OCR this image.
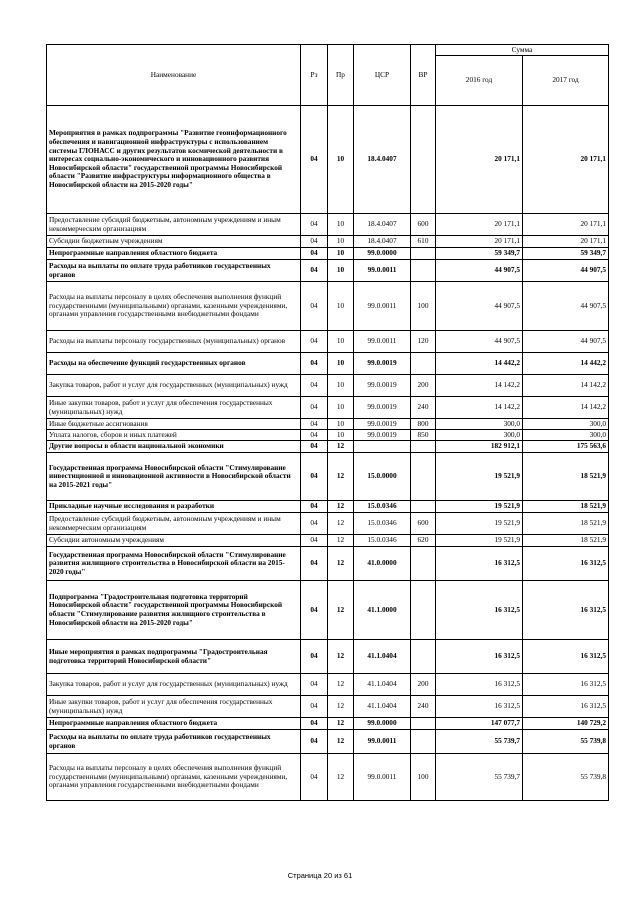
Наименование	Рз	Пр	ЦСР	ВР	Сумма	
					2016 год	2017 год
Мероприятия в рамках подпрограммы "Развитие геоинформационного обеспечения и навигационной инфраструктуры с использованием системы ГЛОНАСС и других результатов космической деятельности в интересах социально-экономического и инновационного развития Новосибирской области" государственной программы Новосибирской области "Развитие инфраструктуры информационного общества в Новосибирской области на 2015-2020 годы"	04	10	18.4.0407		20 171,1	20 171,1
Предоставление субсидий бюджетным, автономным учреждениям и иным некоммерческим организациям	04	10	18.4.0407	600	20 171,1	20 171,1
Субсидии бюджетным учреждениям	04	10	18.4.0407	610	20 171,1	20 171,1
Непрограммные направления областного бюджета	04	10	99.0.0000		59 349,7	59 349,7
Расходы на выплаты по оплате труда работников государственных органов	04	10	99.0.0011		44 907,5	44 907,5
Расходы на выплаты персоналу в целях обеспечения выполнения функций государственными (муниципальными) органами, казенными учреждениями, органами управления государственными внебюджетными фондами	04	10	99.0.0011	100	44 907,5	44 907,5
Расходы на выплаты персоналу государственных (муниципальных) органов	04	10	99.0.0011	120	44 907,5	44 907,5
Расходы на обеспечение функций государственных органов	04	10	99.0.0019		14 442,2	14 442,2
Закупка товаров, работ и услуг для государственных (муниципальных) нужд	04	10	99.0.0019	200	14 142,2	14 142,2
Иные закупки товаров, работ и услуг для обеспечения государственных (муниципальных) нужд	04	10	99.0.0019	240	14 142,2	14 142,2
Иные бюджетные ассигнования	04	10	99.0.0019	800	300,0	300,0
Уплата налогов, сборов и иных платежей	04	10	99.0.0019	850	300,0	300,0
Другие вопросы в области национальной экономики	04	12			182 912,1	175 563,6
Государственная программа Новосибирской области "Стимулирование инвестиционной и инновационной активности в Новосибирской области на 2015-2021 годы"	04	12	15.0.0000		19 521,9	18 521,9
Прикладные научные исследования и разработки	04	12	15.0.0346		19 521,9	18 521,9
Предоставление субсидий бюджетным, автономным учреждениям и иным некоммерческим организациям	04	12	15.0.0346	600	19 521,9	18 521,9
Субсидии автономным учреждениям	04	12	15.0.0346	620	19 521,9	18 521,9
Государственная программа Новосибирской области "Стимулирование развития жилищного строительства в Новосибирской области на 2015-2020 годы"	04	12	41.0.0000		16 312,5	16 312,5
Подпрограмма "Градостроительная подготовка территорий Новосибирской области" государственной программы Новосибирской области "Стимулирование развития жилищного строительства в Новосибирской области на 2015-2020 годы"	04	12	41.1.0000		16 312,5	16 312,5
Иные мероприятия в рамках подпрограммы "Градостроительная подготовка территорий Новосибирской области"	04	12	41.1.0404		16 312,5	16 312,5
Закупка товаров, работ и услуг для государственных (муниципальных) нужд	04	12	41.1.0404	200	16 312,5	16 312,5
Иные закупки товаров, работ и услуг для обеспечения государственных (муниципальных) нужд	04	12	41.1.0404	240	16 312,5	16 312,5
Непрограммные направления областного бюджета	04	12	99.0.0000		147 077,7	140 729,2
Расходы на выплаты по оплате труда работников государственных органов	04	12	99.0.0011		55 739,7	55 739,8
Расходы на выплаты персоналу в целях обеспечения выполнения функций государственными (муниципальными) органами, казенными учреждениями, органами управления государственными внебюджетными фондами	04	12	99.0.0011	100	55 739,7	55 739,8
Страница 20 из 61
